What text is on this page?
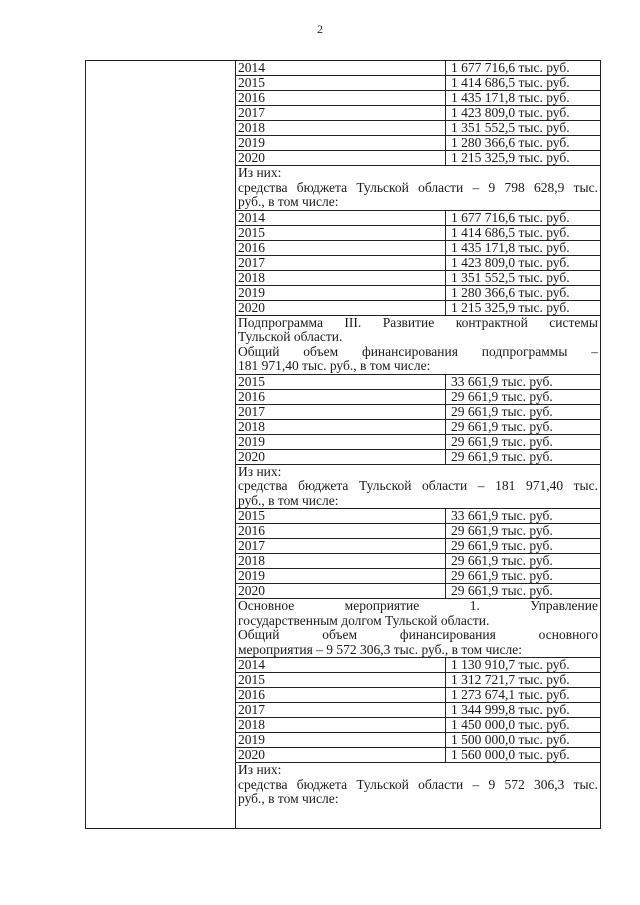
2
2014	1 677 716,6 тыс. руб.
2015	1 414 686,5 тыс. руб.
2016	1 435 171,8 тыс. руб.
2017	1 423 809,0 тыс. руб.
2018	1 351 552,5 тыс. руб.
2019	1 280 366,6 тыс. руб.
2020	1 215 325,9 тыс. руб.

Из них:

средства бюджета Тульской области – 9 798 628,9 тыс.

руб., в том числе:

2014	1 677 716,6 тыс. руб.
2015	1 414 686,5 тыс. руб.
2016	1 435 171,8 тыс. руб.
2017	1 423 809,0 тыс. руб.
2018	1 351 552,5 тыс. руб.
2019	1 280 366,6 тыс. руб.
2020	1 215 325,9 тыс. руб.

Подпрограмма III. Развитие контрактной системы

Тульской области.

Общий объем финансирования подпрограммы –

181 971,40 тыс. руб., в том числе:

2015	33 661,9 тыс. руб.
2016	29 661,9 тыс. руб.
2017	29 661,9 тыс. руб.
2018	29 661,9 тыс. руб.
2019	29 661,9 тыс. руб.
2020	29 661,9 тыс. руб.

Из них:

средства бюджета Тульской области – 181 971,40 тыс.

руб., в том числе:

2015	33 661,9 тыс. руб.
2016	29 661,9 тыс. руб.
2017	29 661,9 тыс. руб.
2018	29 661,9 тыс. руб.
2019	29 661,9 тыс. руб.
2020	29 661,9 тыс. руб.

Основное мероприятие 1. Управление

государственным долгом Тульской области.

Общий объем финансирования основного

мероприятия – 9 572 306,3 тыс. руб., в том числе:

2014	1 130 910,7 тыс. руб.
2015	1 312 721,7 тыс. руб.
2016	1 273 674,1 тыс. руб.
2017	1 344 999,8 тыс. руб.
2018	1 450 000,0 тыс. руб.
2019	1 500 000,0 тыс. руб.
2020	1 560 000,0 тыс. руб.

Из них:

средства бюджета Тульской области – 9 572 306,3 тыс.

руб., в том числе:
